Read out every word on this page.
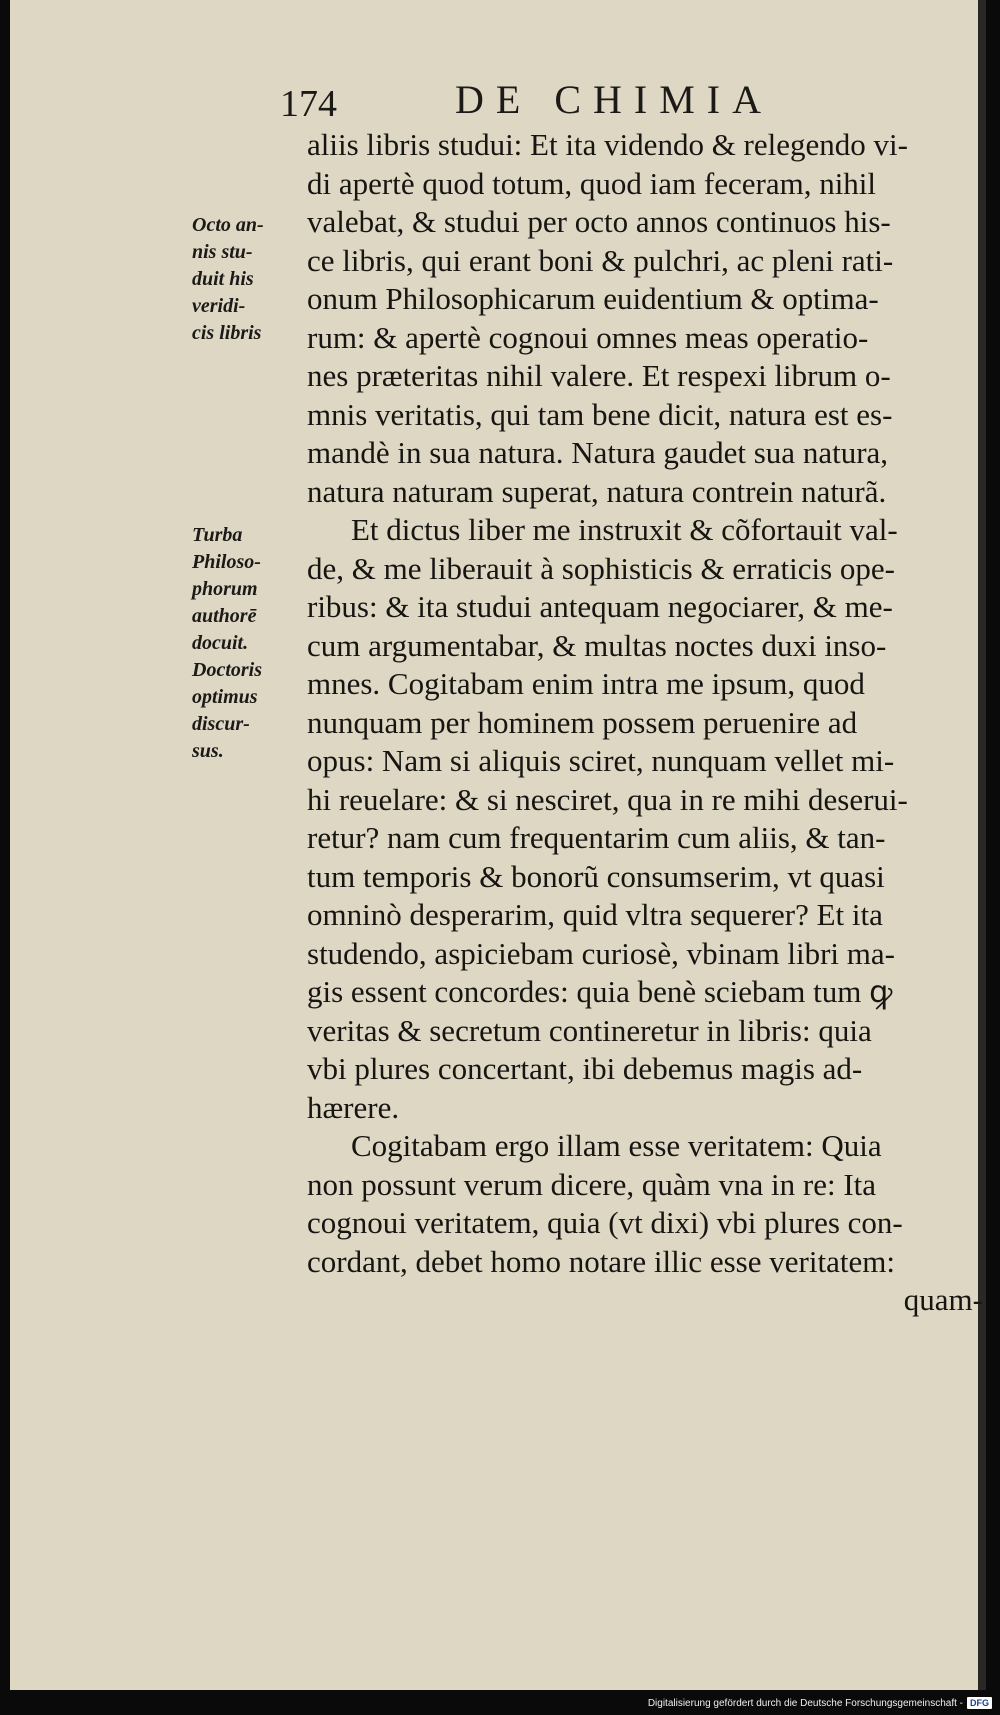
174	DE CHIMIA
Octo an-
nis stu-
duit his
veridi-
cis libris
Turba
Philoso-
phorum
authorē
docuit.
Doctoris
optimus
discur-
sus.
aliis libris studui: Et ita videndo & relegendo vi-
di apertè quod totum, quod iam feceram, nihil
valebat, & studui per octo annos continuos his-
ce libris, qui erant boni & pulchri, ac pleni rati-
onum Philosophicarum euidentium & optima-
rum: & apertè cognoui omnes meas operatio-
nes præteritas nihil valere. Et respexi librum o-
mnis veritatis, qui tam bene dicit, natura est es-
mandè in sua natura. Natura gaudet sua natura,
natura naturam superat, natura contrein naturã.
Et dictus liber me instruxit & cõfortauit val-
de, & me liberauit à sophisticis & erraticis ope-
ribus: & ita studui antequam negociarer, & me-
cum argumentabar, & multas noctes duxi inso-
mnes. Cogitabam enim intra me ipsum, quod
nunquam per hominem possem peruenire ad
opus: Nam si aliquis sciret, nunquam vellet mi-
hi reuelare: & si nesciret, qua in re mihi deserui-
retur? nam cum frequentarim cum aliis, & tan-
tum temporis & bonorũ consumserim, vt quasi
omninò desperarim, quid vltra sequerer? Et ita
studendo, aspiciebam curiosè, vbinam libri ma-
gis essent concordes: quia benè sciebam tum ꝙ
veritas & secretum contineretur in libris: quia
vbi plures concertant, ibi debemus magis ad-
hærere.
Cogitabam ergo illam esse veritatem: Quia
non possunt verum dicere, quàm vna in re: Ita
cognoui veritatem, quia (vt dixi) vbi plures con-
cordant, debet homo notare illic esse veritatem:
quam-
Digitalisierung gefördert durch die Deutsche Forschungsgemeinschaft - DFG
